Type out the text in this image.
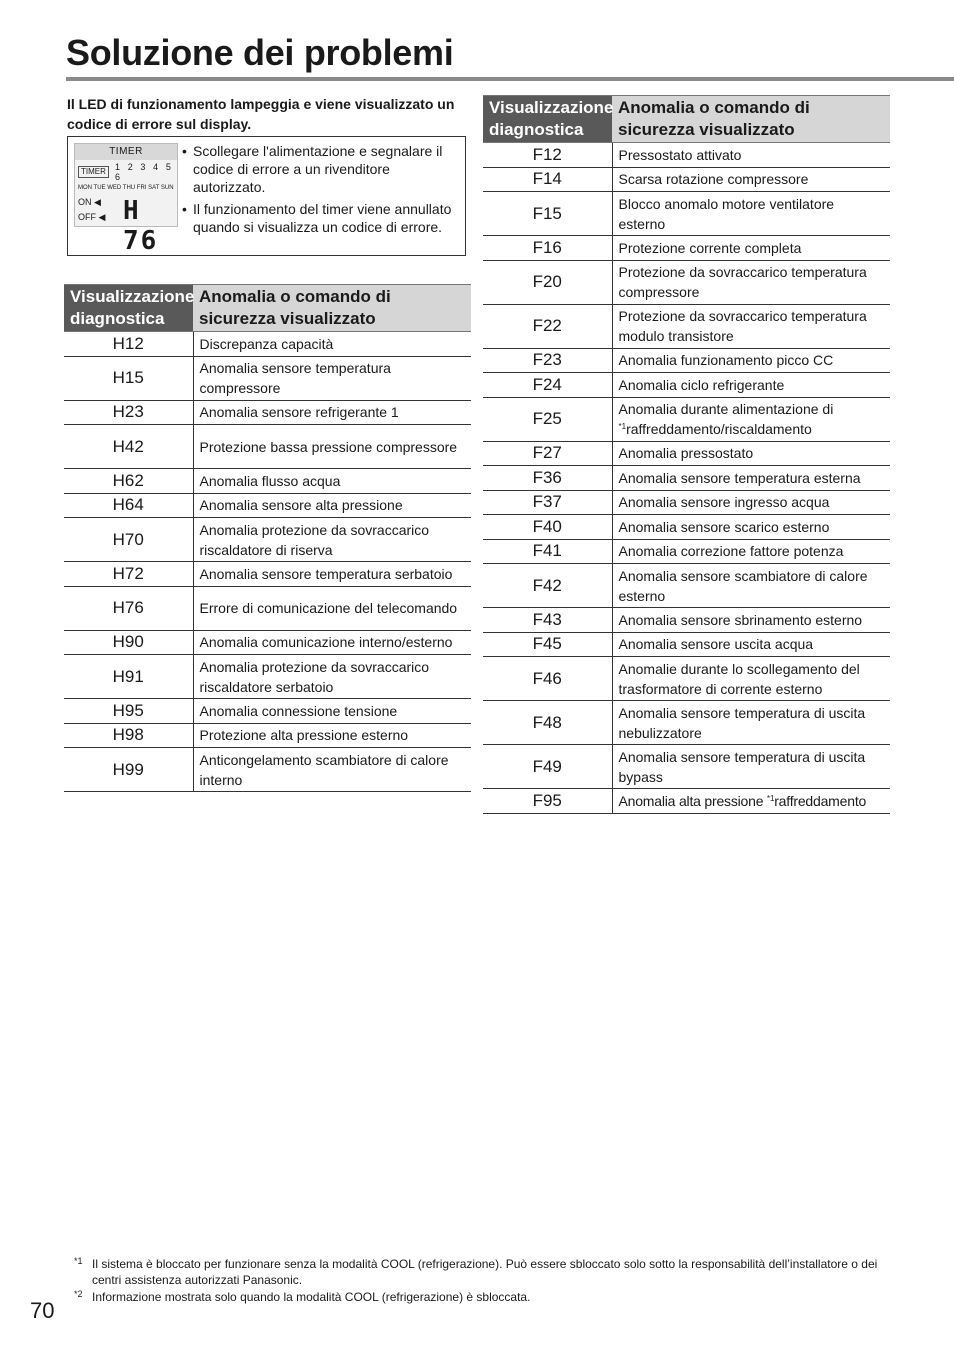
Soluzione dei problemi
Il LED di funzionamento lampeggia e viene visualizzato un codice di errore sul display.
TIMER
TIMER	1 2 3 4 5 6
MON TUE WED THU FRI SAT SUN
ON ◀
OFF ◀ H 76
• Scollegare l'alimentazione e segnalare il codice di errore a un rivenditore autorizzato.
• Il funzionamento del timer viene annullato quando si visualizza un codice di errore.
Visualizzazione diagnostica	Anomalia o comando di sicurezza visualizzato
H12	Discrepanza capacità
H15	Anomalia sensore temperatura compressore
H23	Anomalia sensore refrigerante 1
H42	Protezione bassa pressione compressore
H62	Anomalia flusso acqua
H64	Anomalia sensore alta pressione
H70	Anomalia protezione da sovraccarico riscaldatore di riserva
H72	Anomalia sensore temperatura serbatoio
H76	Errore di comunicazione del telecomando
H90	Anomalia comunicazione interno/esterno
H91	Anomalia protezione da sovraccarico riscaldatore serbatoio
H95	Anomalia connessione tensione
H98	Protezione alta pressione esterno
H99	Anticongelamento scambiatore di calore interno
Visualizzazione diagnostica	Anomalia o comando di sicurezza visualizzato
F12	Pressostato attivato
F14	Scarsa rotazione compressore
F15	Blocco anomalo motore ventilatore esterno
F16	Protezione corrente completa
F20	Protezione da sovraccarico temperatura compressore
F22	Protezione da sovraccarico temperatura modulo transistore
F23	Anomalia funzionamento picco CC
F24	Anomalia ciclo refrigerante
F25	Anomalia durante alimentazione di
$^{*1}$raffreddamento/riscaldamento
F27	Anomalia pressostato
F36	Anomalia sensore temperatura esterna
F37	Anomalia sensore ingresso acqua
F40	Anomalia sensore scarico esterno
F41	Anomalia correzione fattore potenza
F42	Anomalia sensore scambiatore di calore esterno
F43	Anomalia sensore sbrinamento esterno
F45	Anomalia sensore uscita acqua
F46	Anomalie durante lo scollegamento del trasformatore di corrente esterno
F48	Anomalia sensore temperatura di uscita nebulizzatore
F49	Anomalia sensore temperatura di uscita bypass
F95	Anomalia alta pressione $^{*1}$raffreddamento
*1 Il sistema è bloccato per funzionare senza la modalità COOL (refrigerazione). Può essere sbloccato solo sotto la responsabilità dell’installatore o dei centri assistenza autorizzati Panasonic.
*2 Informazione mostrata solo quando la modalità COOL (refrigerazione) è sbloccata.
70
